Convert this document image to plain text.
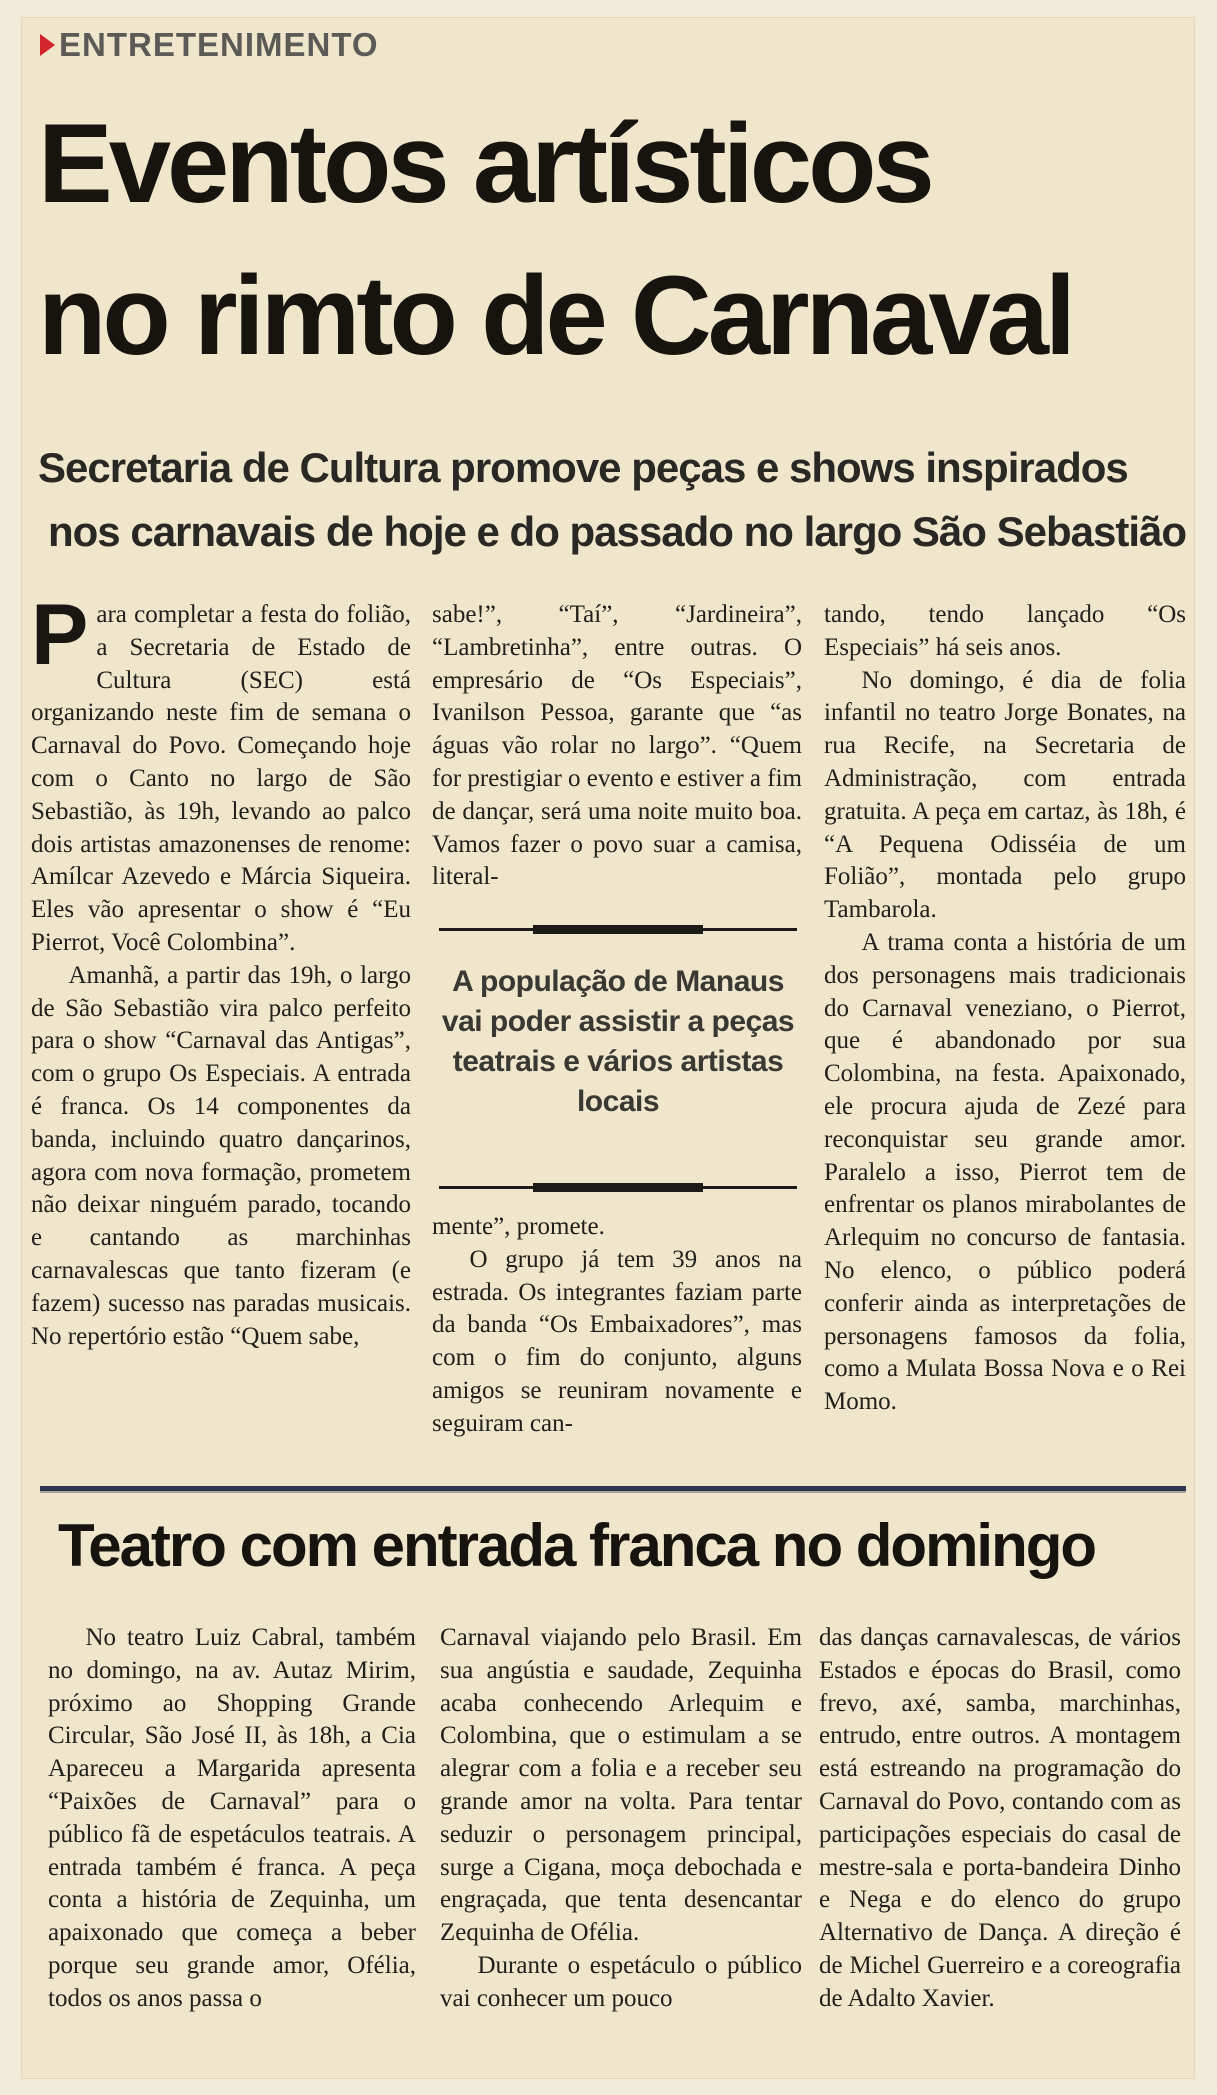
ENTRETENIMENTO
Eventos artísticos
no rimto de Carnaval
Secretaria de Cultura promove peças e shows inspirados
nos carnavais de hoje e do passado no largo São Sebastião

P ara completar a festa do folião, a Secretaria de Estado de Cultura (SEC) está organizando neste fim de semana o Carnaval do Povo. Começando hoje com o Canto no largo de São Sebastião, às 19h, levando ao palco dois artistas amazonenses de renome: Amílcar Azevedo e Márcia Siqueira. Eles vão apresentar o show é “Eu Pierrot, Você Colombina”.

Amanhã, a partir das 19h, o largo de São Sebastião vira palco perfeito para o show “Carnaval das Antigas”, com o grupo Os Especiais. A entrada é franca. Os 14 componentes da banda, incluindo quatro dançarinos, agora com nova formação, prometem não deixar ninguém parado, tocando e cantando as marchinhas carnavalescas que tanto fizeram (e fazem) sucesso nas paradas musicais. No repertório estão “Quem sabe,

sabe!”, “Taí”, “Jardineira”, “Lambretinha”, entre outras. O empresário de “Os Especiais”, Ivanilson Pessoa, garante que “as águas vão rolar no largo”. “Quem for prestigiar o evento e estiver a fim de dançar, será uma noite muito boa. Vamos fazer o povo suar a camisa, literal-

A população de Manaus vai poder assistir a peças teatrais e vários artistas locais

mente”, promete.

O grupo já tem 39 anos na estrada. Os integrantes faziam parte da banda “Os Embaixadores”, mas com o fim do conjunto, alguns amigos se reuniram novamente e seguiram can-

tando, tendo lançado “Os Especiais” há seis anos.

No domingo, é dia de folia infantil no teatro Jorge Bonates, na rua Recife, na Secretaria de Administração, com entrada gratuita. A peça em cartaz, às 18h, é “A Pequena Odisséia de um Folião”, montada pelo grupo Tambarola.

A trama conta a história de um dos personagens mais tradicionais do Carnaval veneziano, o Pierrot, que é abandonado por sua Colombina, na festa. Apaixonado, ele procura ajuda de Zezé para reconquistar seu grande amor. Paralelo a isso, Pierrot tem de enfrentar os planos mirabolantes de Arlequim no concurso de fantasia. No elenco, o público poderá conferir ainda as interpretações de personagens famosos da folia, como a Mulata Bossa Nova e o Rei Momo.

Teatro com entrada franca no domingo

No teatro Luiz Cabral, também no domingo, na av. Autaz Mirim, próximo ao Shopping Grande Circular, São José II, às 18h, a Cia Apareceu a Margarida apresenta “Paixões de Carnaval” para o público fã de espetáculos teatrais. A entrada também é franca. A peça conta a história de Zequinha, um apaixonado que começa a beber porque seu grande amor, Ofélia, todos os anos passa o

Carnaval viajando pelo Brasil. Em sua angústia e saudade, Zequinha acaba conhecendo Arlequim e Colombina, que o estimulam a se alegrar com a folia e a receber seu grande amor na volta. Para tentar seduzir o personagem principal, surge a Cigana, moça debochada e engraçada, que tenta desencantar Zequinha de Ofélia.

Durante o espetáculo o público vai conhecer um pouco

das danças carnavalescas, de vários Estados e épocas do Brasil, como frevo, axé, samba, marchinhas, entrudo, entre outros. A montagem está estreando na programação do Carnaval do Povo, contando com as participações especiais do casal de mestre-sala e porta-bandeira Dinho e Nega e do elenco do grupo Alternativo de Dança. A direção é de Michel Guerreiro e a coreografia de Adalto Xavier.
